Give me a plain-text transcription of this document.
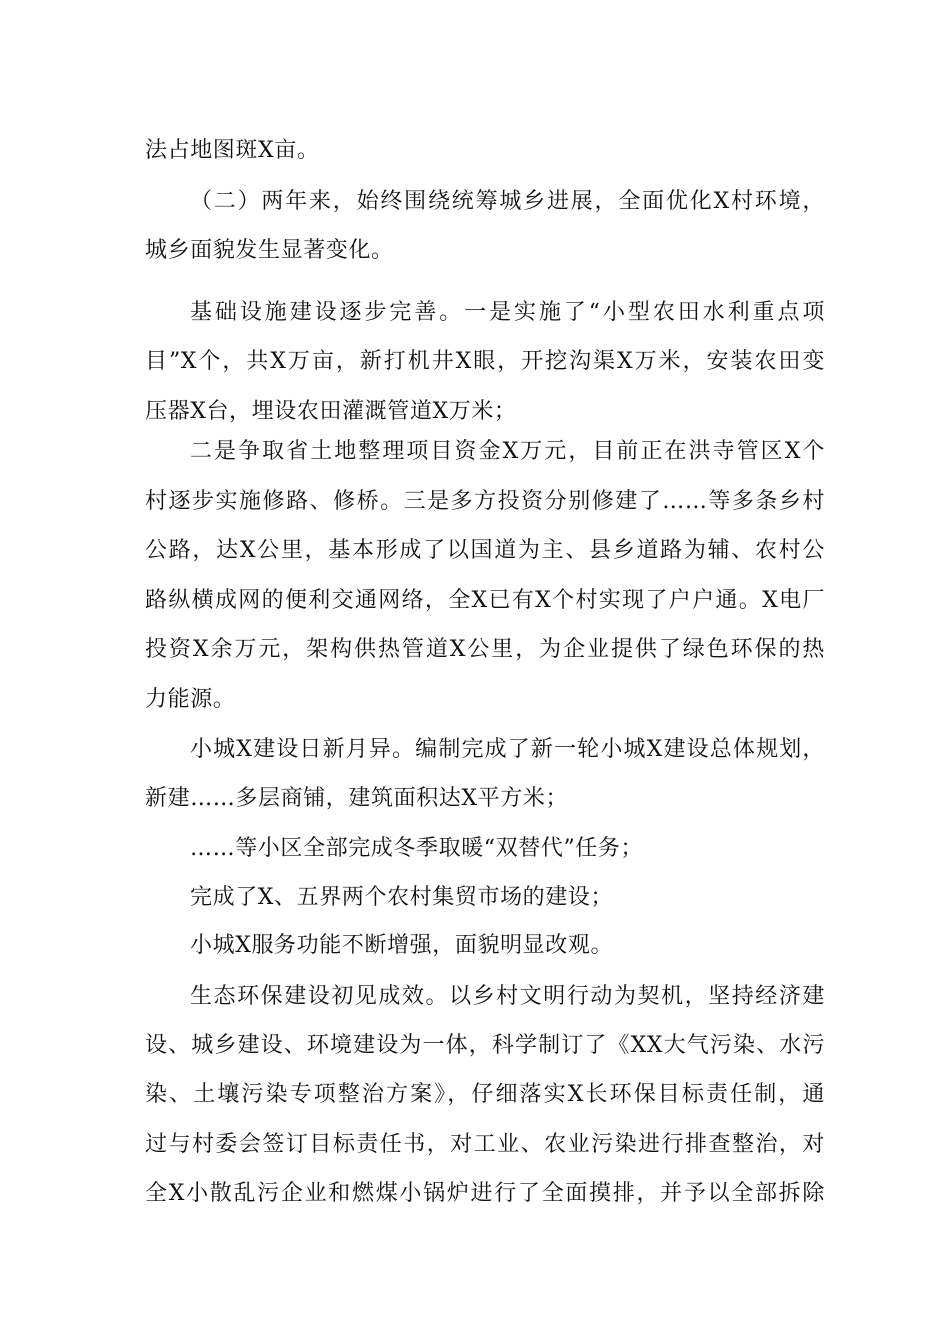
法占地图斑X亩。
（二）两年来，始终围绕统筹城乡进展，全面优化X村环境，
城乡面貌发生显著变化。
基础设施建设逐步完善。一是实施了“小型农田水利重点项
目”X个，共X万亩，新打机井X眼，开挖沟渠X万米，安装农田变
压器X台，埋设农田灌溉管道X万米；
二是争取省土地整理项目资金X万元，目前正在洪寺管区X个
村逐步实施修路、修桥。三是多方投资分别修建了……等多条乡村
公路，达X公里，基本形成了以国道为主、县乡道路为辅、农村公
路纵横成网的便利交通网络，全X已有X个村实现了户户通。X电厂
投资X余万元，架构供热管道X公里，为企业提供了绿色环保的热
力能源。
小城X建设日新月异。编制完成了新一轮小城X建设总体规划，
新建……多层商铺，建筑面积达X平方米；
……等小区全部完成冬季取暖“双替代”任务；
完成了X、五界两个农村集贸市场的建设；
小城X服务功能不断增强，面貌明显改观。
生态环保建设初见成效。以乡村文明行动为契机，坚持经济建
设、城乡建设、环境建设为一体，科学制订了《XX大气污染、水污
染、土壤污染专项整治方案》，仔细落实X长环保目标责任制，通
过与村委会签订目标责任书，对工业、农业污染进行排查整治，对
全X小散乱污企业和燃煤小锅炉进行了全面摸排，并予以全部拆除
